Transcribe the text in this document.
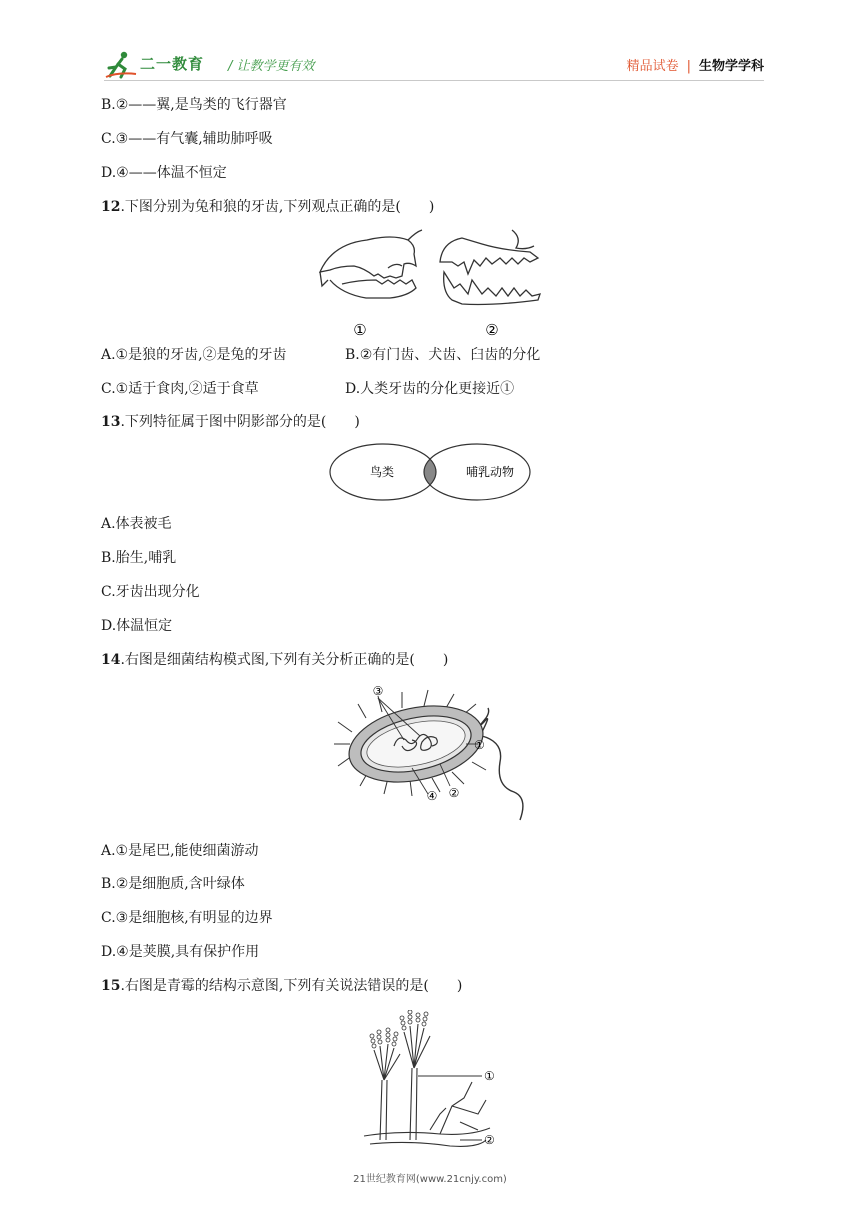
二一教育 / 让教学更有效	精品试卷 | 生物学学科
B.②——翼,是鸟类的飞行器官
C.③——有气囊,辅助肺呼吸
D.④——体温不恒定
12.下图分别为兔和狼的牙齿,下列观点正确的是(　　)
①	②
A.①是狼的牙齿,②是兔的牙齿	B.②有门齿、犬齿、臼齿的分化
C.①适于食肉,②适于食草	D.人类牙齿的分化更接近①
13.下列特征属于图中阴影部分的是(　　)
鸟类	哺乳动物
A.体表被毛
B.胎生,哺乳
C.牙齿出现分化
D.体温恒定
14.右图是细菌结构模式图,下列有关分析正确的是(　　)
③
①
②
④
A.①是尾巴,能使细菌游动
B.②是细胞质,含叶绿体
C.③是细胞核,有明显的边界
D.④是荚膜,具有保护作用
15.右图是青霉的结构示意图,下列有关说法错误的是(　　)
①
②
21世纪教育网(www.21cnjy.com)
